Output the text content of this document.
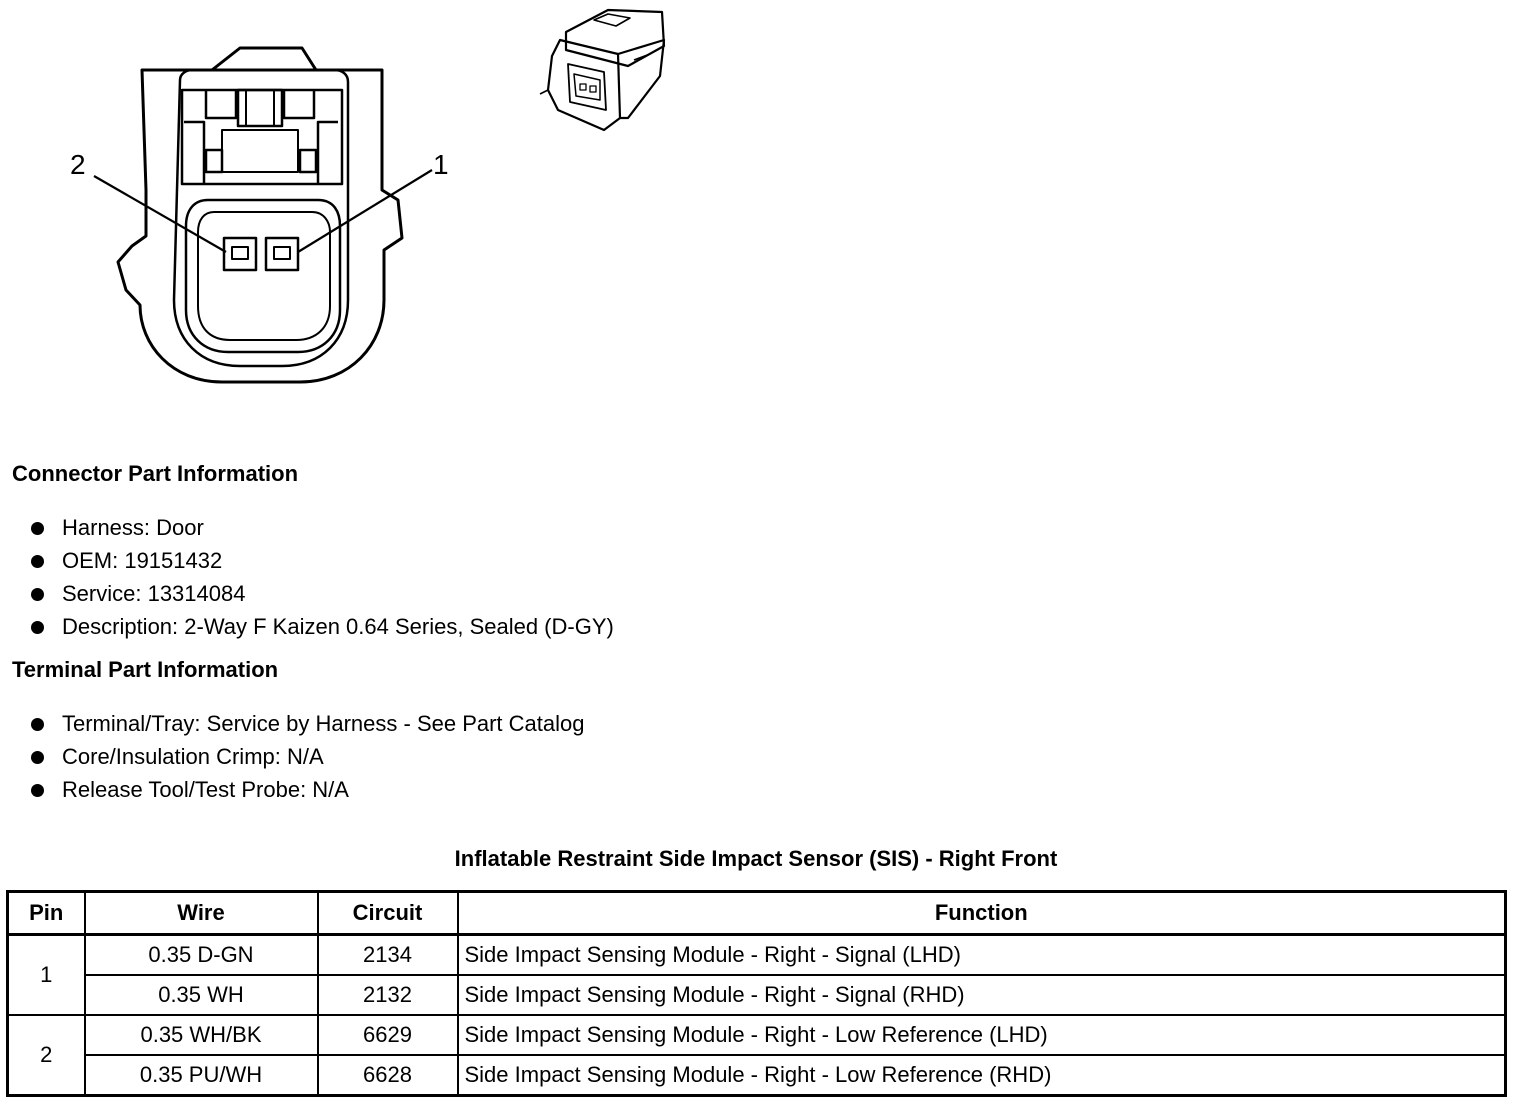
2	1
Connector Part Information
Harness: Door
OEM: 19151432
Service: 13314084
Description: 2-Way F Kaizen 0.64 Series, Sealed (D-GY)
Terminal Part Information
Terminal/Tray: Service by Harness - See Part Catalog
Core/Insulation Crimp: N/A
Release Tool/Test Probe: N/A
Inflatable Restraint Side Impact Sensor (SIS) - Right Front
Pin	Wire	Circuit	Function
1	0.35 D-GN	2134	Side Impact Sensing Module - Right - Signal (LHD)
	0.35 WH	2132	Side Impact Sensing Module - Right - Signal (RHD)
2	0.35 WH/BK	6629	Side Impact Sensing Module - Right - Low Reference (LHD)
	0.35 PU/WH	6628	Side Impact Sensing Module - Right - Low Reference (RHD)
